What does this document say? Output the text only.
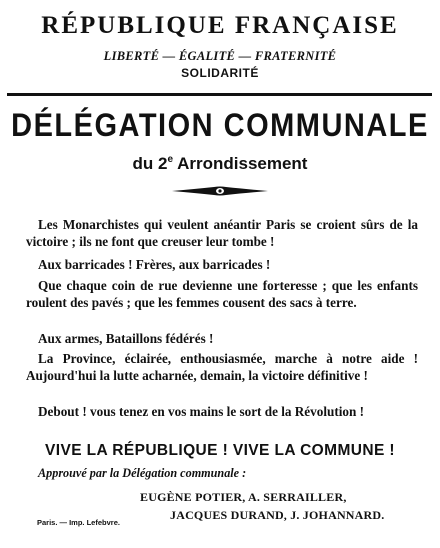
RÉPUBLIQUE FRANÇAISE
LIBERTÉ — ÉGALITÉ — FRATERNITÉ
SOLIDARITÉ
DÉLÉGATION COMMUNALE
du 2e Arrondissement
Les Monarchistes qui veulent anéantir Paris se croient sûrs de la victoire ; ils ne font que creuser leur tombe !
Aux barricades ! Frères, aux barricades !
Que chaque coin de rue devienne une forteresse ; que les enfants roulent des pavés ; que les femmes cousent des sacs à terre.
Aux armes, Bataillons fédérés !
La Province, éclairée, enthousiasmée, marche à notre aide ! Aujourd'hui la lutte acharnée, demain, la victoire définitive !
Debout ! vous tenez en vos mains le sort de la Révolution !
VIVE LA RÉPUBLIQUE ! VIVE LA COMMUNE !
Approuvé par la Délégation communale :
EUGÈNE POTIER, A. SERRAILLER,
JACQUES DURAND, J. JOHANNARD.
Paris. — Imp. Lefebvre.
